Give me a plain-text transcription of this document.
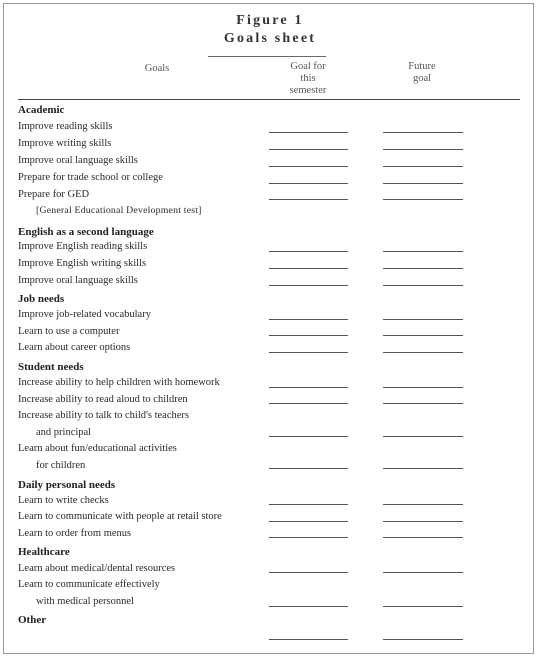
Figure 1
Goals sheet
Goals	Goal for
this
semester
Future
goal
Academic
Improve reading skills
Improve writing skills
Improve oral language skills
Prepare for trade school or college
Prepare for GED
[General Educational Development test]
English as a second language
Improve English reading skills
Improve English writing skills
Improve oral language skills
Job needs
Improve job-related vocabulary
Learn to use a computer
Learn about career options
Student needs
Increase ability to help children with homework
Increase ability to read aloud to children
Increase ability to talk to child's teachers
and principal
Learn about fun/educational activities
for children
Daily personal needs
Learn to write checks
Learn to communicate with people at retail store
Learn to order from menus
Healthcare
Learn about medical/dental resources
Learn to communicate effectively
with medical personnel
Other
